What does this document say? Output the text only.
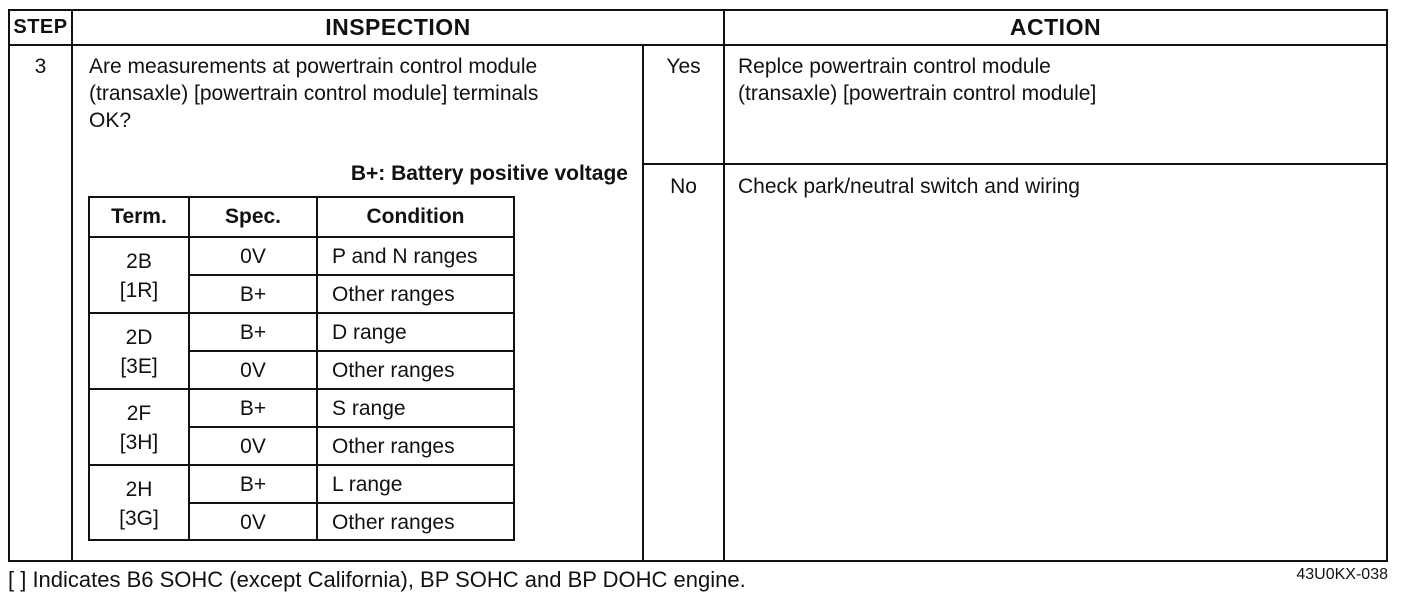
STEP	INSPECTION	ACTION
3	Are measurements at powertrain control module
(transaxle) [powertrain control module] terminals
OK?
B+: Battery positive voltage
Yes	Replce powertrain control module
(transaxle) [powertrain control module]
No	Check park/neutral switch and wiring
Term.	Spec.	Condition
2B
[1R]
0V	P and N ranges
B+	Other ranges
2D
[3E]
B+	D range
0V	Other ranges
2F
[3H]
B+	S range
0V	Other ranges
2H
[3G]
B+	L range
0V	Other ranges
[ ] Indicates B6 SOHC (except California), BP SOHC and BP DOHC engine.	43U0KX-038
